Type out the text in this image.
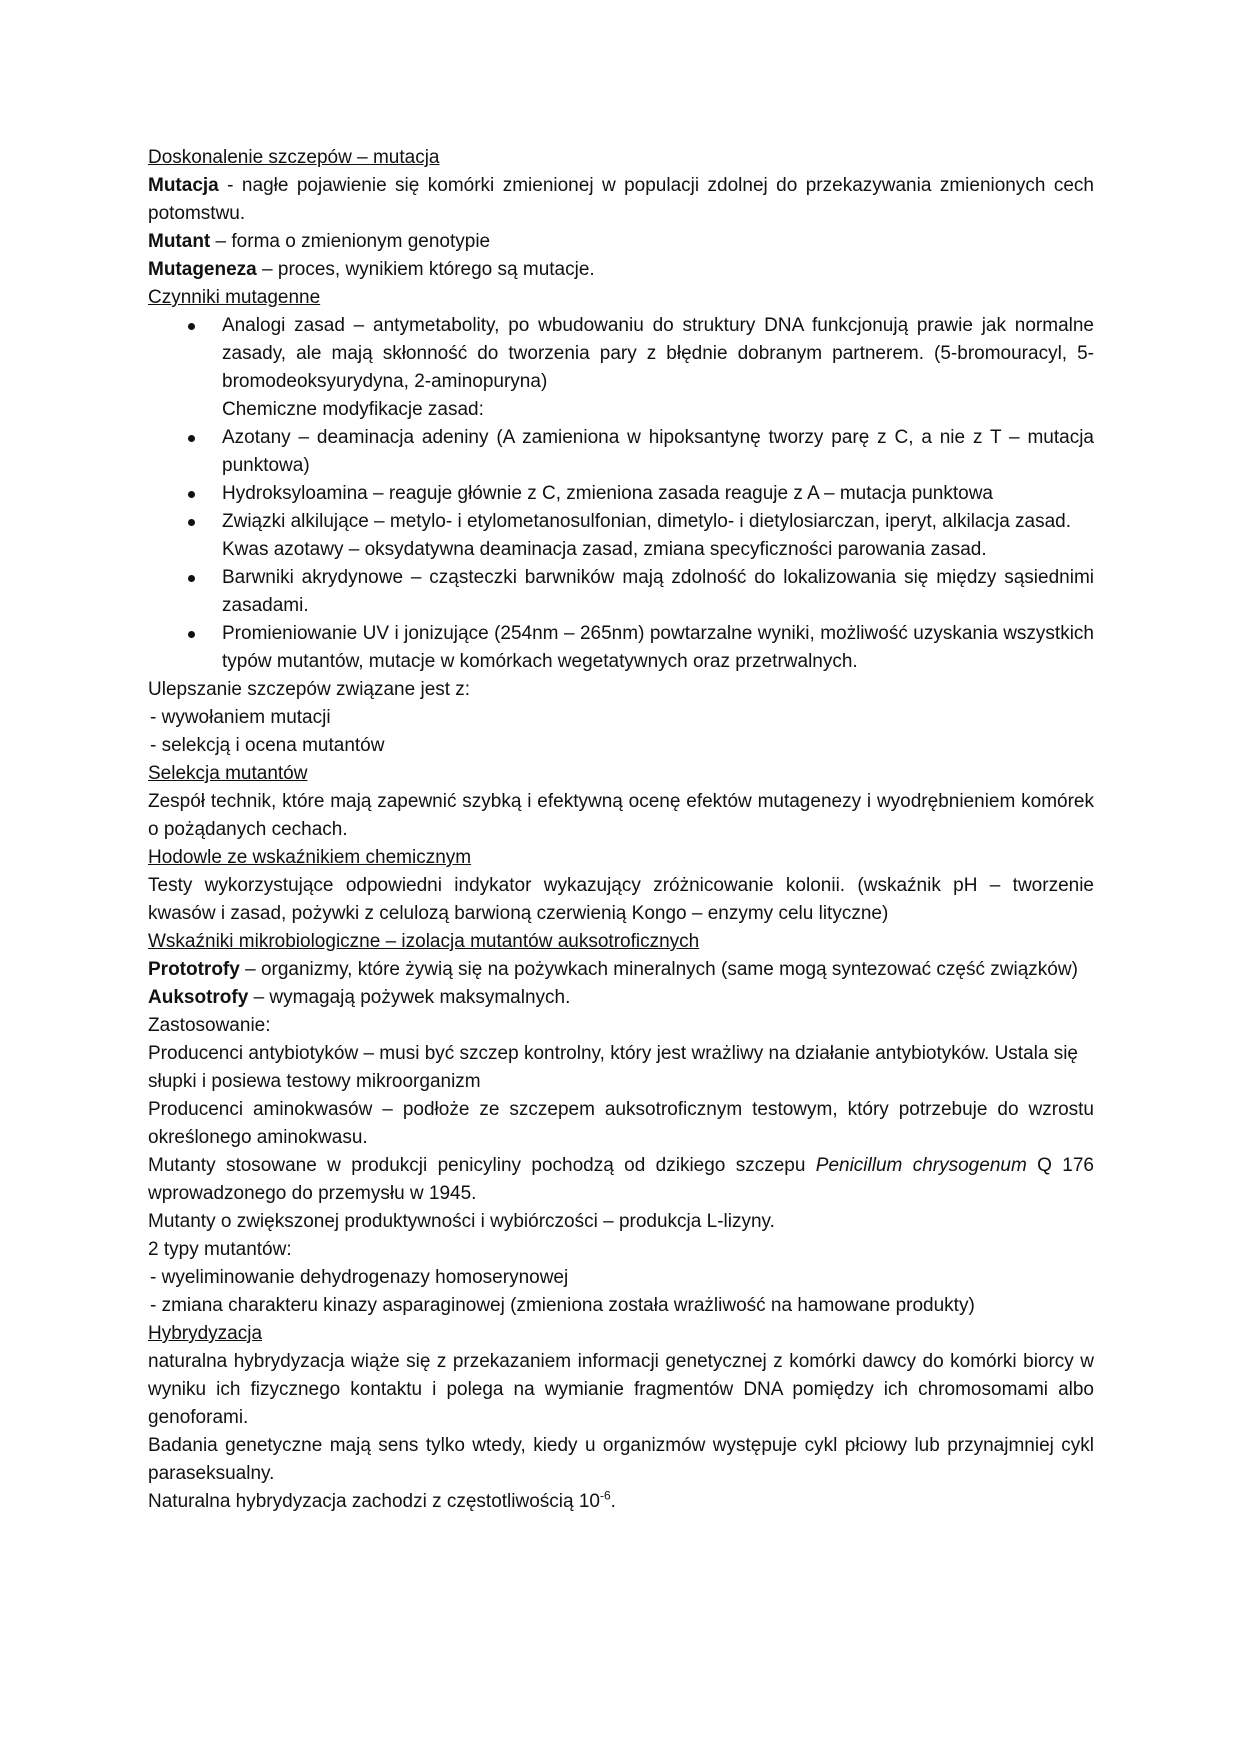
Doskonalenie szczepów – mutacja

Mutacja - nagłe pojawienie się komórki zmienionej w populacji zdolnej do przekazywania zmienionych cech potomstwu.

Mutant – forma o zmienionym genotypie

Mutageneza – proces, wynikiem którego są mutacje.

Czynniki mutagenne

Analogi zasad – antymetabolity, po wbudowaniu do struktury DNA funkcjonują prawie jak normalne zasady, ale mają skłonność do tworzenia pary z błędnie dobranym partnerem. (5-bromouracyl, 5-bromodeoksyurydyna, 2-aminopuryna)

Chemiczne modyfikacje zasad:

Azotany – deaminacja adeniny (A zamieniona w hipoksantynę tworzy parę z C, a nie z T – mutacja punktowa)
Hydroksyloamina – reaguje głównie z C, zmieniona zasada reaguje z A – mutacja punktowa
Związki alkilujące – metylo- i etylometanosulfonian, dimetylo- i dietylosiarczan, iperyt, alkilacja zasad.

Kwas azotawy – oksydatywna deaminacja zasad, zmiana specyficzności parowania zasad.

Barwniki akrydynowe – cząsteczki barwników mają zdolność do lokalizowania się między sąsiednimi zasadami.
Promieniowanie UV i jonizujące (254nm – 265nm) powtarzalne wyniki, możliwość uzyskania wszystkich typów mutantów, mutacje w komórkach wegetatywnych oraz przetrwalnych.

Ulepszanie szczepów związane jest z:

- wywołaniem mutacji

- selekcją i ocena mutantów

Selekcja mutantów

Zespół technik, które mają zapewnić szybką i efektywną ocenę efektów mutagenezy i wyodrębnieniem komórek o pożądanych cechach.

Hodowle ze wskaźnikiem chemicznym

Testy wykorzystujące odpowiedni indykator wykazujący zróżnicowanie kolonii. (wskaźnik pH – tworzenie kwasów i zasad, pożywki z celulozą barwioną czerwienią Kongo – enzymy celu lityczne)

Wskaźniki mikrobiologiczne – izolacja mutantów auksotroficznych

Prototrofy – organizmy, które żywią się na pożywkach mineralnych (same mogą syntezować część związków)

Auksotrofy – wymagają pożywek maksymalnych.

Zastosowanie:

Producenci antybiotyków – musi być szczep kontrolny, który jest wrażliwy na działanie antybiotyków. Ustala się słupki i posiewa testowy mikroorganizm

Producenci aminokwasów – podłoże ze szczepem auksotroficznym testowym, który potrzebuje do wzrostu określonego aminokwasu.

Mutanty stosowane w produkcji penicyliny pochodzą od dzikiego szczepu Penicillum chrysogenum Q 176 wprowadzonego do przemysłu w 1945.

Mutanty o zwiększonej produktywności i wybiórczości – produkcja L-lizyny.

2 typy mutantów:

- wyeliminowanie dehydrogenazy homoserynowej

- zmiana charakteru kinazy asparaginowej (zmieniona została wrażliwość na hamowane produkty)

Hybrydyzacja

naturalna hybrydyzacja wiąże się z przekazaniem informacji genetycznej z komórki dawcy do komórki biorcy w wyniku ich fizycznego kontaktu i polega na wymianie fragmentów DNA pomiędzy ich chromosomami albo genoforami.

Badania genetyczne mają sens tylko wtedy, kiedy u organizmów występuje cykl płciowy lub przynajmniej cykl paraseksualny.

Naturalna hybrydyzacja zachodzi z częstotliwością $10^{-6}$.
